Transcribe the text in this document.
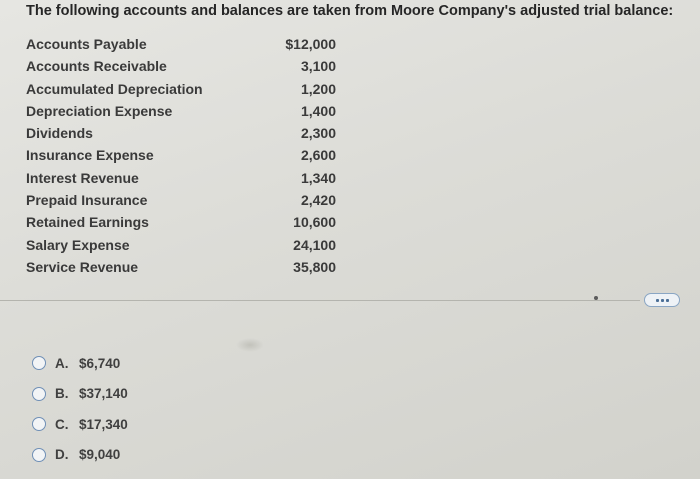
The following accounts and balances are taken from Moore Company's adjusted trial balance:
Accounts Payable	$12,000
Accounts Receivable	3,100
Accumulated Depreciation	1,200
Depreciation Expense	1,400
Dividends	2,300
Insurance Expense	2,600
Interest Revenue	1,340
Prepaid Insurance	2,420
Retained Earnings	10,600
Salary Expense	24,100
Service Revenue	35,800
A. $6,740
B. $37,140
C. $17,340
D. $9,040
